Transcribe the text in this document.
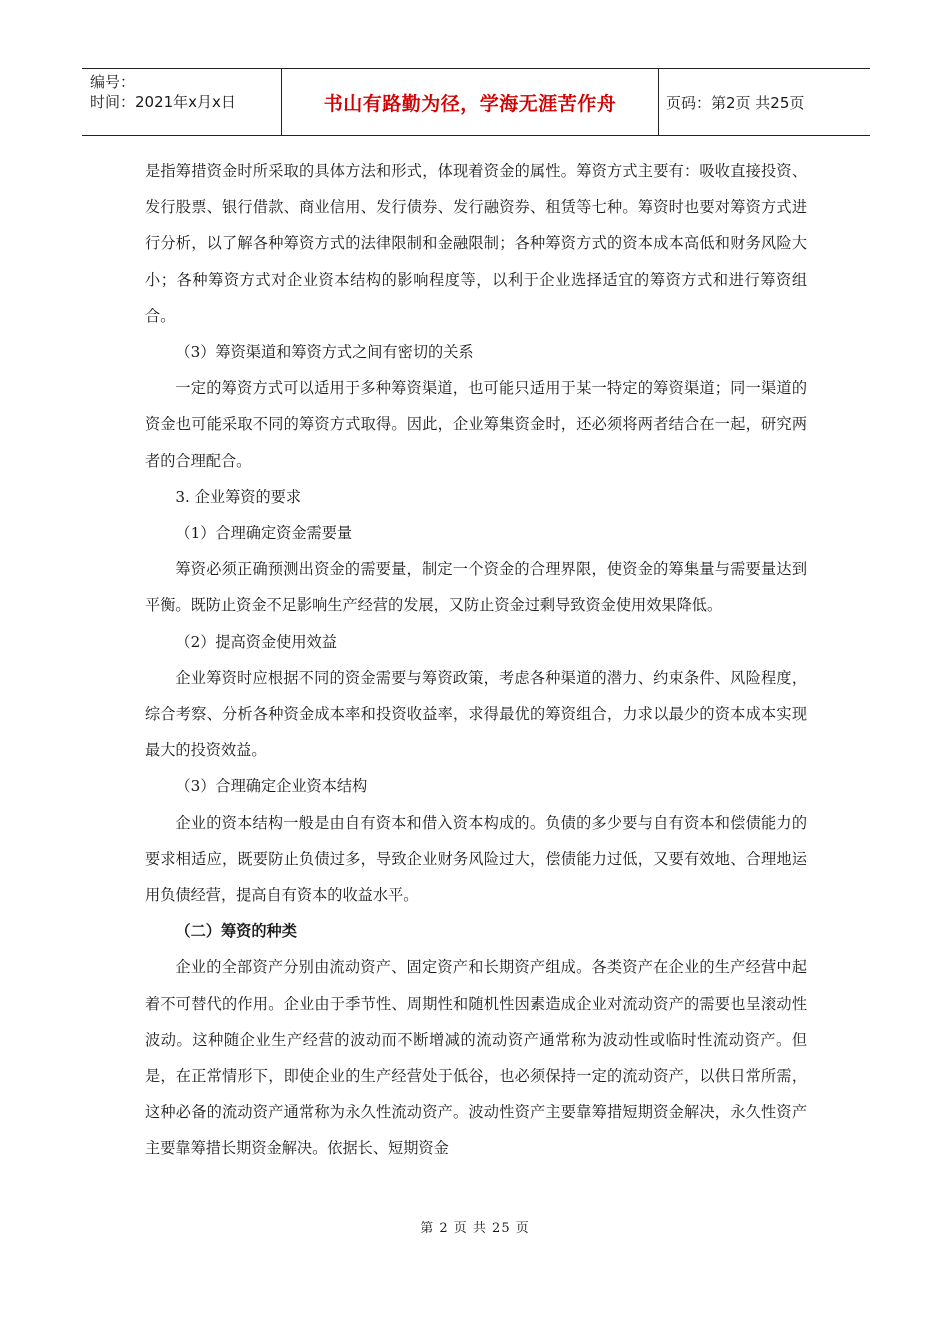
编号：
时间：2021年x月x日	书山有路勤为径，学海无涯苦作舟	页码：第2页 共25页

是指筹措资金时所采取的具体方法和形式，体现着资金的属性。筹资方式主要有：吸收直接投资、发行股票、银行借款、商业信用、发行债券、发行融资券、租赁等七种。筹资时也要对筹资方式进行分析，以了解各种筹资方式的法律限制和金融限制；各种筹资方式的资本成本高低和财务风险大小；各种筹资方式对企业资本结构的影响程度等，以利于企业选择适宜的筹资方式和进行筹资组合。

（3）筹资渠道和筹资方式之间有密切的关系

一定的筹资方式可以适用于多种筹资渠道，也可能只适用于某一特定的筹资渠道；同一渠道的资金也可能采取不同的筹资方式取得。因此，企业筹集资金时，还必须将两者结合在一起，研究两者的合理配合。

3. 企业筹资的要求

（1）合理确定资金需要量

筹资必须正确预测出资金的需要量，制定一个资金的合理界限，使资金的筹集量与需要量达到平衡。既防止资金不足影响生产经营的发展，又防止资金过剩导致资金使用效果降低。

（2）提高资金使用效益

企业筹资时应根据不同的资金需要与筹资政策，考虑各种渠道的潜力、约束条件、风险程度，综合考察、分析各种资金成本率和投资收益率，求得最优的筹资组合，力求以最少的资本成本实现最大的投资效益。

（3）合理确定企业资本结构

企业的资本结构一般是由自有资本和借入资本构成的。负债的多少要与自有资本和偿债能力的要求相适应，既要防止负债过多，导致企业财务风险过大，偿债能力过低，又要有效地、合理地运用负债经营，提高自有资本的收益水平。

（二）筹资的种类

企业的全部资产分别由流动资产、固定资产和长期资产组成。各类资产在企业的生产经营中起着不可替代的作用。企业由于季节性、周期性和随机性因素造成企业对流动资产的需要也呈滚动性波动。这种随企业生产经营的波动而不断增减的流动资产通常称为波动性或临时性流动资产。但是，在正常情形下，即使企业的生产经营处于低谷，也必须保持一定的流动资产，以供日常所需，这种必备的流动资产通常称为永久性流动资产。波动性资产主要靠筹措短期资金解决，永久性资产主要靠筹措长期资金解决。依据长、短期资金

第 2 页 共 25 页
